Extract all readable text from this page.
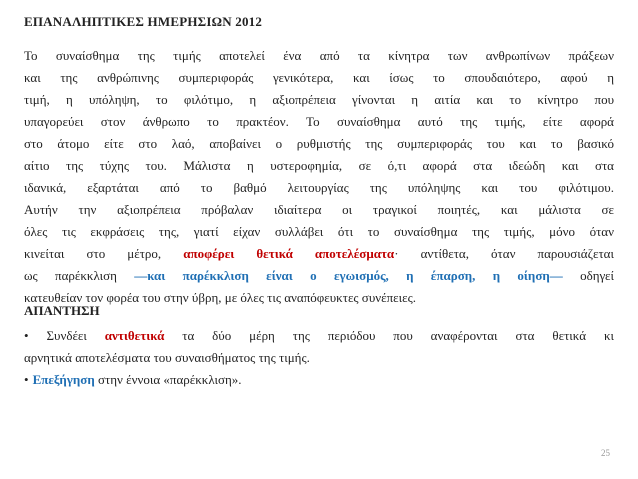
ΕΠΑΝΑΛΗΠΤΙΚΕΣ ΗΜΕΡΗΣΙΩΝ 2012
Το συναίσθημα της τιμής αποτελεί ένα από τα κίνητρα των ανθρωπίνων πράξεων
και της ανθρώπινης συμπεριφοράς γενικότερα, και ίσως το σπουδαιότερο, αφού η
τιμή, η υπόληψη, το φιλότιμο, η αξιοπρέπεια γίνονται η αιτία και το κίνητρο που
υπαγορεύει στον άνθρωπο το πρακτέον. Το συναίσθημα αυτό της τιμής, είτε αφορά
στο άτομο είτε στο λαό, αποβαίνει ο ρυθμιστής της συμπεριφοράς του και το βασικό
αίτιο της τύχης του. Μάλιστα η υστεροφημία, σε ό,τι αφορά στα ιδεώδη και στα
ιδανικά, εξαρτάται από το βαθμό λειτουργίας της υπόληψης και του φιλότιμου.
Αυτήν την αξιοπρέπεια πρόβαλαν ιδιαίτερα οι τραγικοί ποιητές, και μάλιστα σε
όλες τις εκφράσεις της, γιατί είχαν συλλάβει ότι το συναίσθημα της τιμής, μόνο όταν
κινείται στο μέτρο, αποφέρει θετικά αποτελέσματα· αντίθετα, όταν παρουσιάζεται
ως παρέκκλιση —και παρέκκλιση είναι ο εγωισμός, η έπαρση, η οίηση— οδηγεί
κατευθείαν τον φορέα του στην ύβρη, με όλες τις αναπόφευκτες συνέπειες.
ΑΠΑΝΤΗΣΗ
• Συνδέει αντιθετικά τα δύο μέρη της περιόδου που αναφέρονται στα θετικά κι
αρνητικά αποτελέσματα του συναισθήματος της τιμής.
• Επεξήγηση στην έννοια «παρέκκλιση».
25
